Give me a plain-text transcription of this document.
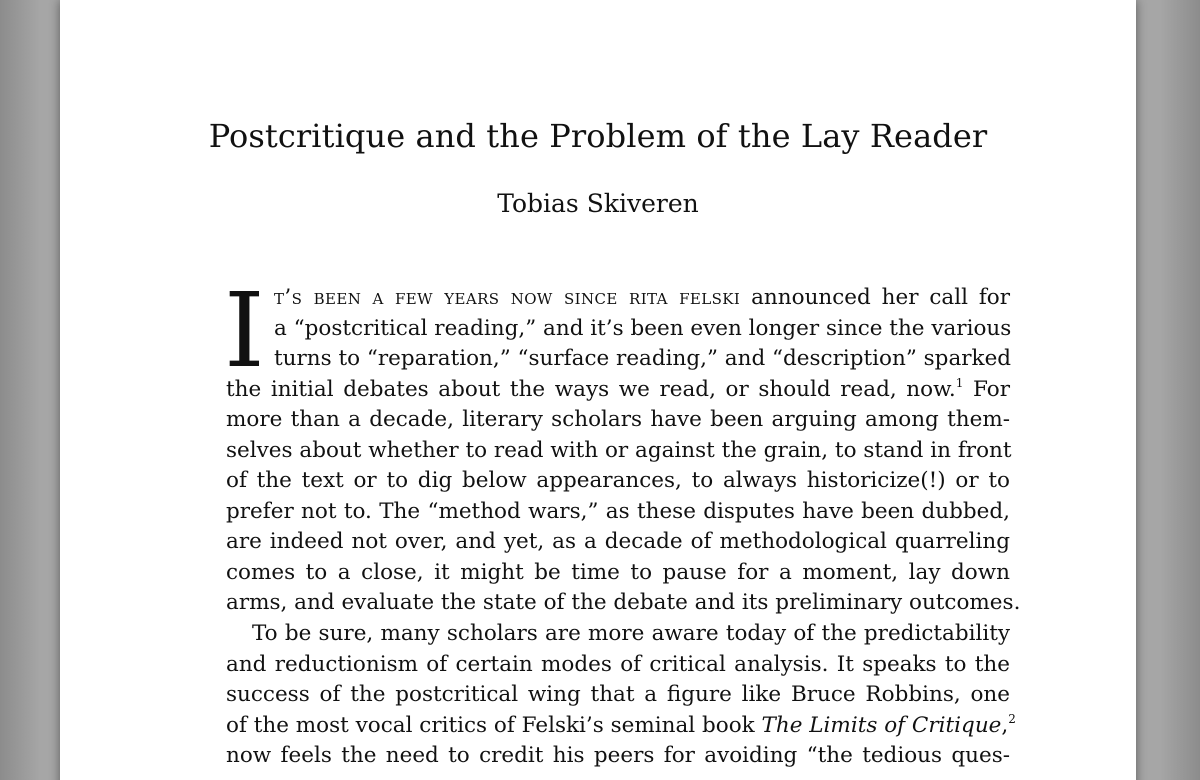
Postcritique and the Problem of the Lay Reader
Tobias Skiveren
I t’s been a few years now since rita felski announced her call for
a “postcritical reading,” and it’s been even longer since the various
turns to “reparation,” “surface reading,” and “description” sparked
the initial debates about the ways we read, or should read, now.$^1$ For
more than a decade, literary scholars have been arguing among them-
selves about whether to read with or against the grain, to stand in front
of the text or to dig below appearances, to always historicize(!) or to
prefer not to. The “method wars,” as these disputes have been dubbed,
are indeed not over, and yet, as a decade of methodological quarreling
comes to a close, it might be time to pause for a moment, lay down
arms, and evaluate the state of the debate and its preliminary outcomes.
To be sure, many scholars are more aware today of the predictability
and reductionism of certain modes of critical analysis. It speaks to the
success of the postcritical wing that a figure like Bruce Robbins, one
of the most vocal critics of Felski’s seminal book The Limits of Critique,$^2$
now feels the need to credit his peers for avoiding “the tedious ques-
